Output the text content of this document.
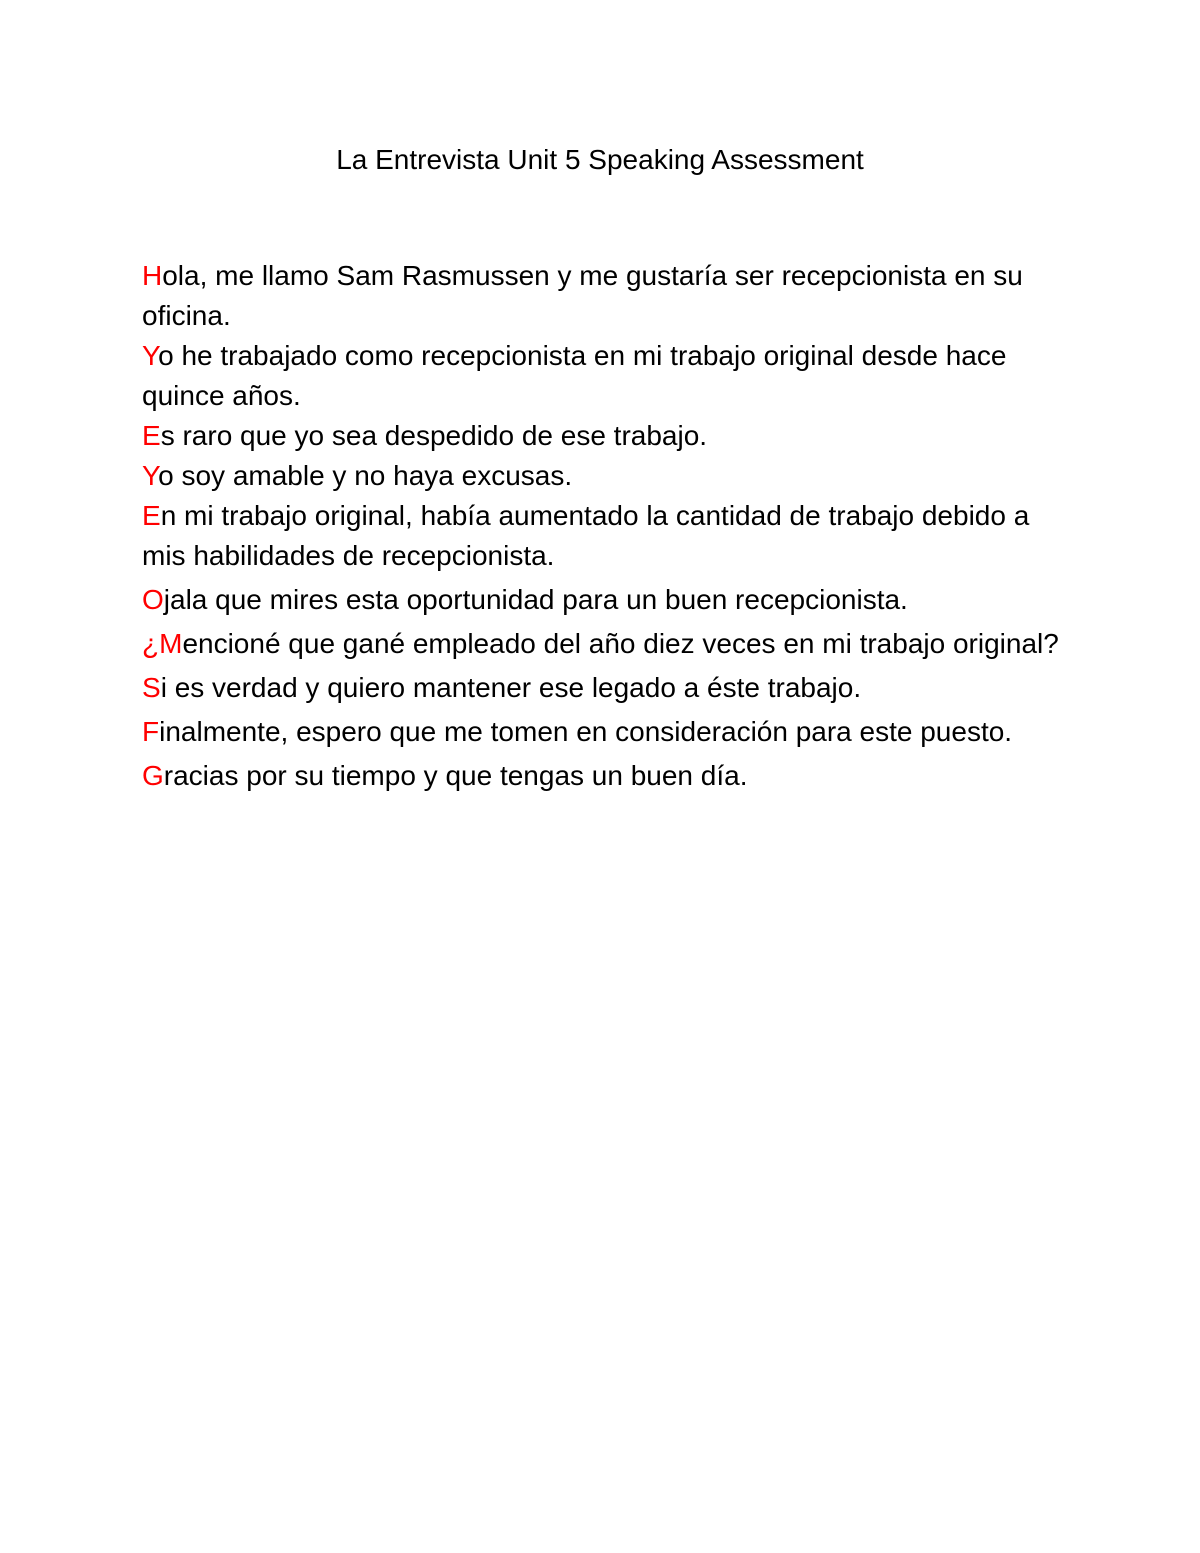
La Entrevista Unit 5 Speaking Assessment

Hola, me llamo Sam Rasmussen y me gustaría ser recepcionista en su oficina.

Yo he trabajado como recepcionista en mi trabajo original desde hace quince años.

Es raro que yo sea despedido de ese trabajo.

Yo soy amable y no haya excusas.

En mi trabajo original, había aumentado la cantidad de trabajo debido a mis habilidades de recepcionista.

Ojala que mires esta oportunidad para un buen recepcionista.

¿Mencioné que gané empleado del año diez veces en mi trabajo original?

Si es verdad y quiero mantener ese legado a éste trabajo.

Finalmente, espero que me tomen en consideración para este puesto.

Gracias por su tiempo y que tengas un buen día.
